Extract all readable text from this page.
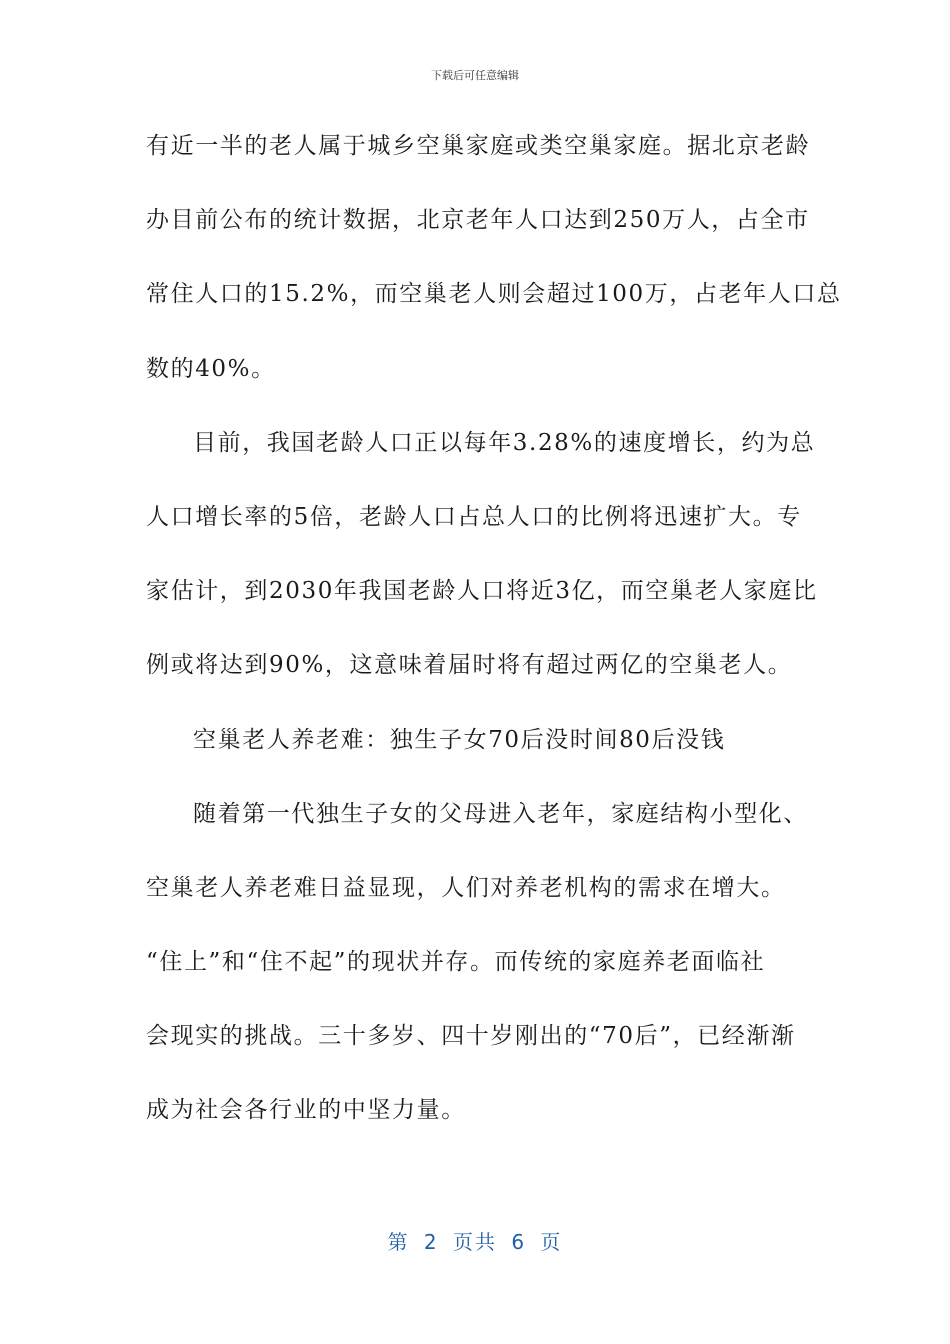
下载后可任意编辑
有近一半的老人属于城乡空巢家庭或类空巢家庭。据北京老龄
办目前公布的统计数据，北京老年人口达到250万人，占全市
常住人口的15.2%，而空巢老人则会超过100万，占老年人口总
数的40%。
目前，我国老龄人口正以每年3.28%的速度增长，约为总
人口增长率的5倍，老龄人口占总人口的比例将迅速扩大。专
家估计，到2030年我国老龄人口将近3亿，而空巢老人家庭比
例或将达到90%，这意味着届时将有超过两亿的空巢老人。
空巢老人养老难：独生子女70后没时间80后没钱
随着第一代独生子女的父母进入老年，家庭结构小型化、
空巢老人养老难日益显现，人们对养老机构的需求在增大。
“住上”和“住不起”的现状并存。而传统的家庭养老面临社
会现实的挑战。三十多岁、四十岁刚出的“70后”，已经渐渐
成为社会各行业的中坚力量。
第 2 页共 6 页
